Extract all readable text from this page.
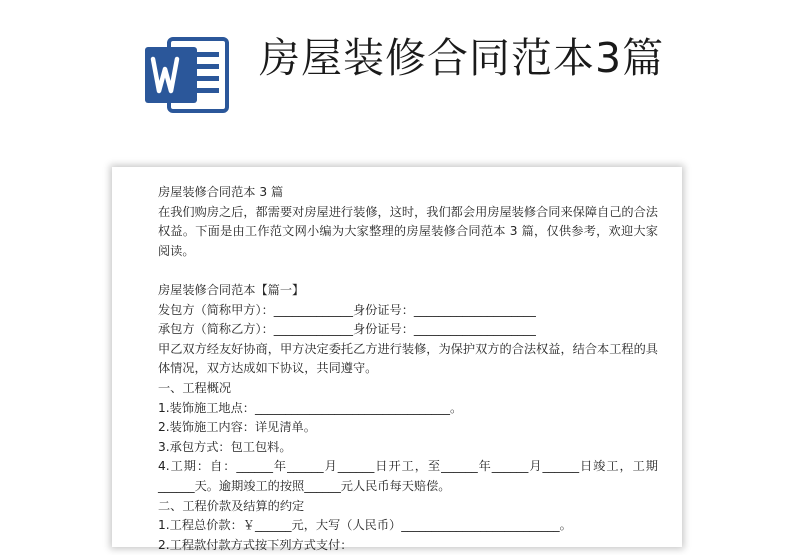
房屋装修合同范本3篇

房屋装修合同范本 3 篇

在我们购房之后，都需要对房屋进行装修，这时，我们都会用房屋装修合同来保障自己的合法权益。下面是由工作范文网小编为大家整理的房屋装修合同范本 3 篇，仅供参考，欢迎大家阅读。

房屋装修合同范本【篇一】

发包方（简称甲方）：_____________身份证号：____________________

承包方（简称乙方）：_____________身份证号：____________________

甲乙双方经友好协商，甲方决定委托乙方进行装修，为保护双方的合法权益，结合本工程的具体情况，双方达成如下协议，共同遵守。

一、工程概况

1.装饰施工地点：________________________________。

2.装饰施工内容：详见清单。

3.承包方式：包工包料。

4.工期：自：______年______月______日开工，至______年______月______日竣工，工期______天。逾期竣工的按照______元人民币每天赔偿。

二、工程价款及结算的约定

1.工程总价款：￥______元，大写（人民币）__________________________。

2.工程款付款方式按下列方式支付：
